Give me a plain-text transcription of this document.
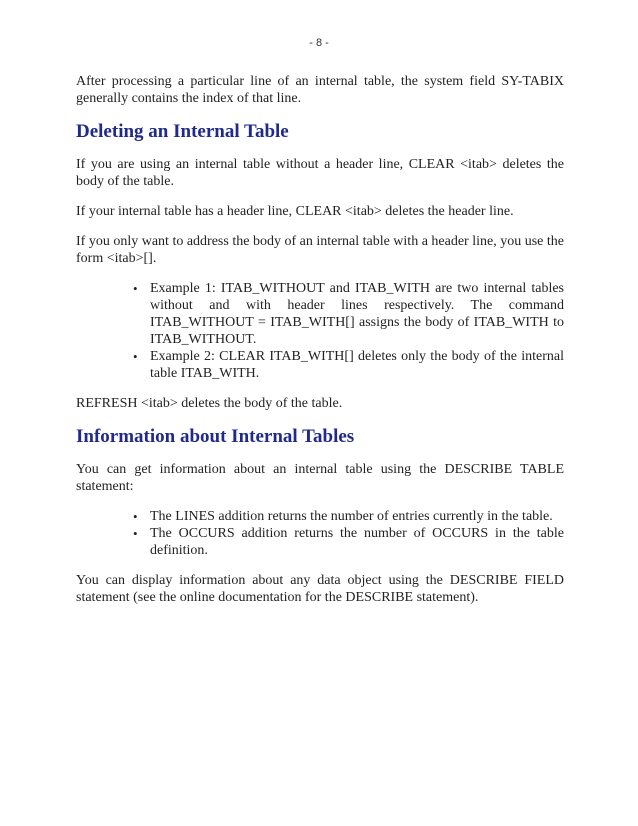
- 8 -

After processing a particular line of an internal table, the system field SY-TABIX generally contains the index of that line.

Deleting an Internal Table

If you are using an internal table without a header line, CLEAR <itab> deletes the body of the table.

If your internal table has a header line, CLEAR <itab> deletes the header line.

If you only want to address the body of an internal table with a header line, you use the form <itab>[].

• Example 1: ITAB_WITHOUT and ITAB_WITH are two internal tables without and with header lines respectively. The command ITAB_WITHOUT = ITAB_WITH[] assigns the body of ITAB_WITH to ITAB_WITHOUT.
• Example 2: CLEAR ITAB_WITH[] deletes only the body of the internal table ITAB_WITH.

REFRESH <itab> deletes the body of the table.

Information about Internal Tables

You can get information about an internal table using the DESCRIBE TABLE statement:

• The LINES addition returns the number of entries currently in the table.
• The OCCURS addition returns the number of OCCURS in the table definition.

You can display information about any data object using the DESCRIBE FIELD statement (see the online documentation for the DESCRIBE statement).
